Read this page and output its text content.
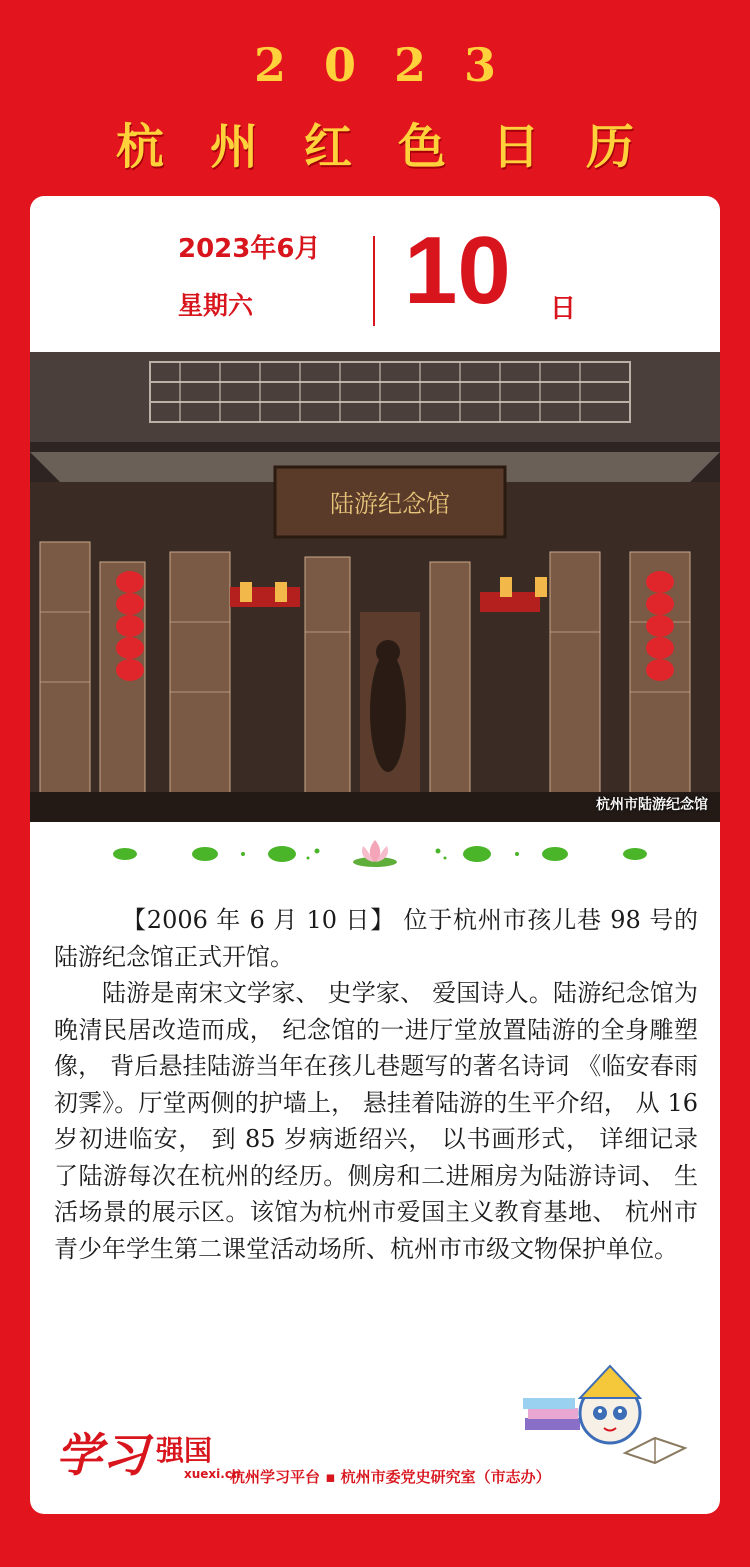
2023
杭州红色日历
2023年6月
星期六 10 日
陆游纪念馆
杭州市陆游纪念馆

【2006 年 6 月 10 日】 位于杭州市孩儿巷 98 号的陆游纪念馆正式开馆。

陆游是南宋文学家、 史学家、 爱国诗人。陆游纪念馆为晚清民居改造而成， 纪念馆的一进厅堂放置陆游的全身雕塑像， 背后悬挂陆游当年在孩儿巷题写的著名诗词 《临安春雨初霁》。厅堂两侧的护墙上， 悬挂着陆游的生平介绍， 从 16 岁初进临安， 到 85 岁病逝绍兴， 以书画形式， 详细记录了陆游每次在杭州的经历。侧房和二进厢房为陆游诗词、 生活场景的展示区。该馆为杭州市爱国主义教育基地、 杭州市青少年学生第二课堂活动场所、杭州市市级文物保护单位。

学习 强国
xuexi.cn
杭州学习平台 ▪ 杭州市委党史研究室（市志办）
